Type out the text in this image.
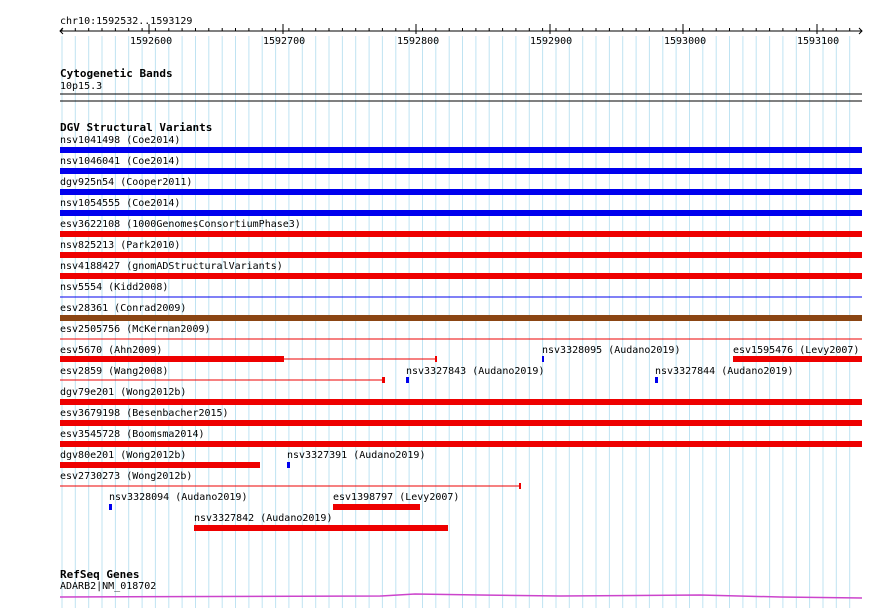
chr10:1592532..1593129
1592600	1592700	1592800	1592900	1593000	1593100
Cytogenetic Bands
10p15.3
DGV Structural Variants
nsv1041498 (Coe2014)
nsv1046041 (Coe2014)
dgv925n54 (Cooper2011)
nsv1054555 (Coe2014)
esv3622108 (1000GenomesConsortiumPhase3)
nsv825213 (Park2010)
nsv4188427 (gnomADStructuralVariants)
nsv5554 (Kidd2008)
esv28361 (Conrad2009)
esv2505756 (McKernan2009)
esv5670 (Ahn2009)	nsv3328095 (Audano2019)	esv1595476 (Levy2007)
esv2859 (Wang2008)	nsv3327843 (Audano2019)	nsv3327844 (Audano2019)
dgv79e201 (Wong2012b)
esv3679198 (Besenbacher2015)
esv3545728 (Boomsma2014)
dgv80e201 (Wong2012b)	nsv3327391 (Audano2019)
esv2730273 (Wong2012b)
nsv3328094 (Audano2019)	esv1398797 (Levy2007)
nsv3327842 (Audano2019)
RefSeq Genes
ADARB2|NM_018702
